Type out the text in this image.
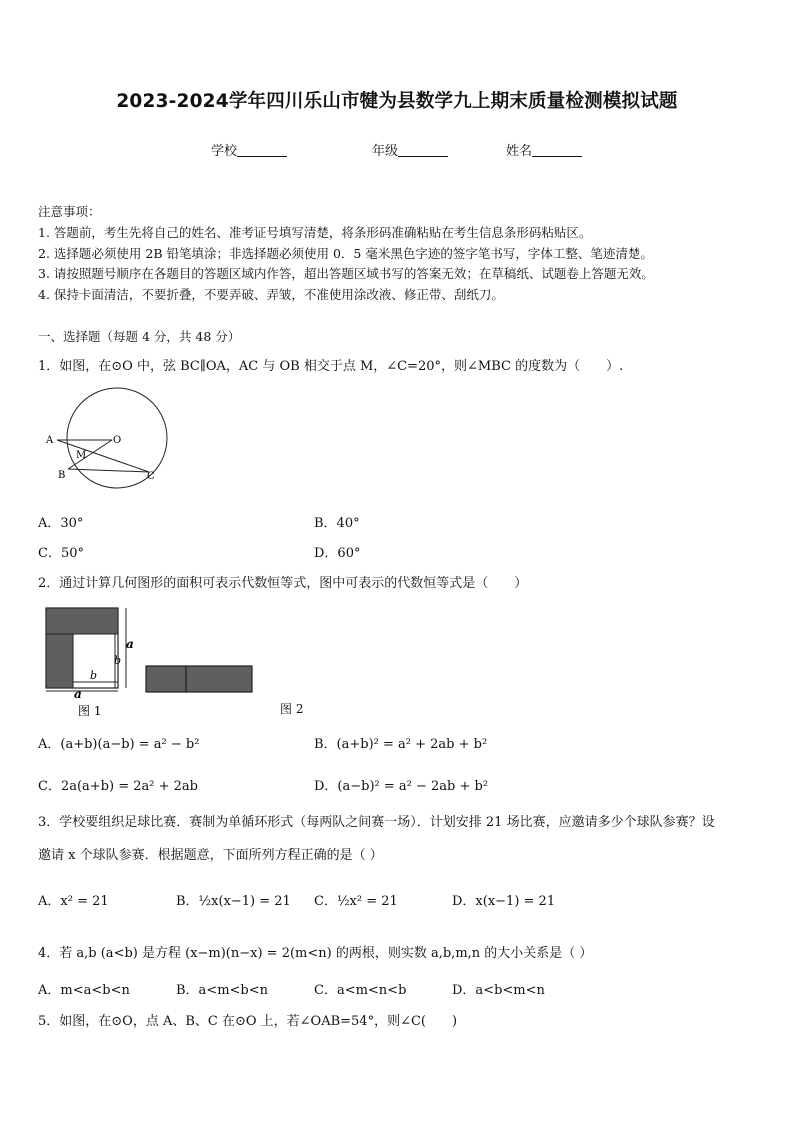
2023-2024学年四川乐山市犍为县数学九上期末质量检测模拟试题
学校	年级	姓名
注意事项：
1. 答题前，考生先将自己的姓名、准考证号填写清楚，将条形码准确粘贴在考生信息条形码粘贴区。
2. 选择题必须使用 2B 铅笔填涂；非选择题必须使用 0．5 毫米黑色字迹的签字笔书写，字体工整、笔迹清楚。
3. 请按照题号顺序在各题目的答题区域内作答，超出答题区域书写的答案无效；在草稿纸、试题卷上答题无效。
4. 保持卡面清洁，不要折叠，不要弄破、弄皱，不准使用涂改液、修正带、刮纸刀。
一、选择题（每题 4 分，共 48 分）
1．如图，在⊙O 中，弦 BC∥OA，AC 与 OB 相交于点 M，∠C=20°，则∠MBC 的度数为（　　）.
A	O
M
B	C
A．30°	B．40°
C．50°	D．60°
2．通过计算几何图形的面积可表示代数恒等式，图中可表示的代数恒等式是（　　）
a
b
b
a
图 1	图 2
A．(a+b)(a−b) = a² − b²	B．(a+b)² = a² + 2ab + b²
C．2a(a+b) = 2a² + 2ab	D．(a−b)² = a² − 2ab + b²
3．学校要组织足球比赛．赛制为单循环形式（每两队之间赛一场）．计划安排 21 场比赛，应邀请多少个球队参赛？设
邀请 x 个球队参赛．根据题意，下面所列方程正确的是（ ）
A．x² = 21	B．½x(x−1) = 21 C．½x² = 21	D．x(x−1) = 21
4．若 a,b (a<b) 是方程 (x−m)(n−x) = 2(m<n) 的两根，则实数 a,b,m,n 的大小关系是（ ）
A．m<a<b<n	B．a<m<b<n	C．a<m<n<b	D．a<b<m<n
5．如图，在⊙O，点 A、B、C 在⊙O 上，若∠OAB=54°，则∠C(　　)
